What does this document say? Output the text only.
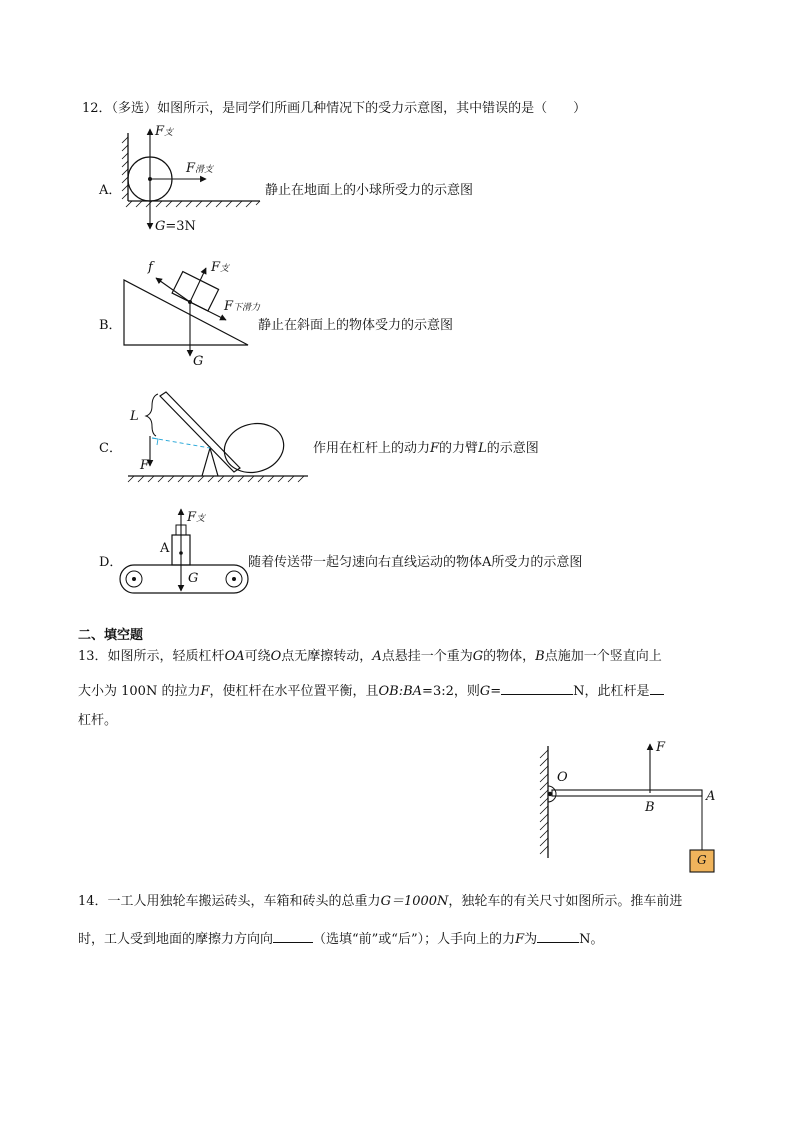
12．（多选）如图所示，是同学们所画几种情况下的受力示意图，其中错误的是（　　）
A．
F支
F滑支
G=3N
静止在地面上的小球所受力的示意图
B．
f	F支
F下滑力
G
静止在斜面上的物体受力的示意图
C．
L
F
作用在杠杆上的动力F的力臂L的示意图
D．
F支
A
G
随着传送带一起匀速向右直线运动的物体A所受力的示意图
二、填空题
13．如图所示，轻质杠杆OA可绕O点无摩擦转动，A点悬挂一个重为G的物体，B点施加一个竖直向上
大小为 100N 的拉力F，使杠杆在水平位置平衡，且OB:BA=3:2，则G=	N，此杠杆是
杠杆。
O
F
B
A
G
14．一工人用独轮车搬运砖头，车箱和砖头的总重力G＝1000N，独轮车的有关尺寸如图所示。推车前进
时，工人受到地面的摩擦力方向向	（选填“前”或“后”）；人手向上的力F为	N。
